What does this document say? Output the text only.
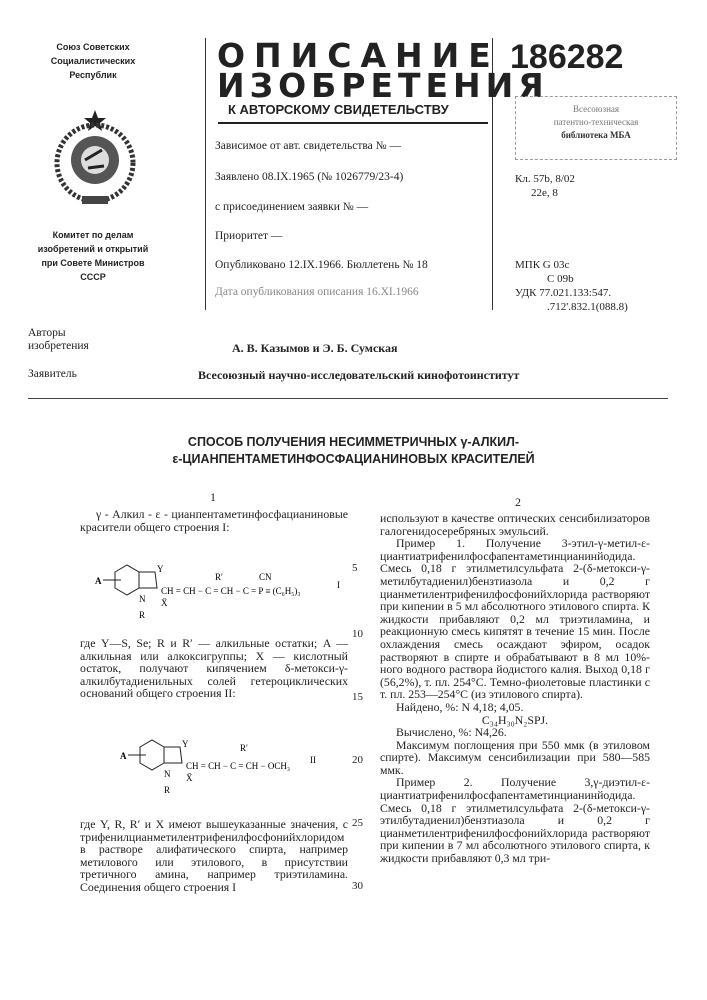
Союз Советских
Социалистических
Республик
Комитет по делам
изобретений и открытий
при Совете Министров
СССР
ОПИСАНИЕ
ИЗОБРЕТЕНИЯ
К АВТОРСКОМУ СВИДЕТЕЛЬСТВУ
186282
Всесоюзная
патентно-техническая
библиотека МБА
Зависимое от авт. свидетельства № —
Заявлено 08.IX.1965 (№ 1026779/23-4)
с присоединением заявки № —
Приоритет —
Опубликовано 12.IX.1966. Бюллетень № 18
Дата опубликования описания 16.XI.1966
Кл. 57b, 8/02
22e, 8
МПК G 03c
C 09b
УДК 77.021.133:547.
.712'.832.1(088.8)
Авторы
изобретения	А. В. Казымов и Э. Б. Сумская
Заявитель	Всесоюзный научно-исследовательский кинофотоинститут
СПОСОБ ПОЛУЧЕНИЯ НЕСИММЕТРИЧНЫХ γ-АЛКИЛ-
ε-ЦИАНПЕНТАМЕТИНФОСФАЦИАНИНОВЫХ КРАСИТЕЛЕЙ
1	2

γ - Алкил - ε - цианпентаметинфосфацианиновые красители общего строения I:

A
Y
N
R
X̄
CH = CH − C = CH − C = P ≡ (C₆H₅)₃
R′	CN
I

где Y—S, Se; R и R′ — алкильные остатки; A — алкильная или алкоксигруппы; X — кислотный остаток, получают кипячением δ-метокси-γ-алкилбутадиенильных солей гетероциклических оснований общего строения II:

A
Y
N
R
X̄
CH = CH − C = CH − OCH₃
R′
II

где Y, R, R′ и X имеют вышеуказанные значения, с трифенилцианметилентрифенилфосфонийхлоридом в растворе алифатического спирта, например метилового или этилового, в присутствии третичного амина, например триэтиламина. Соединения общего строения I

используют в качестве оптических сенсибилизаторов галогенидосеребряных эмульсий.

Пример 1. Получение 3-этил-γ-метил-ε-циантиатрифенилфосфапентаметинцианинйодида. Смесь 0,18 г этилметилсульфата 2-(δ-метокси-γ-метилбутадиенил)бензтиазола и 0,2 г цианметилентрифенилфосфонийхлорида растворяют при кипении в 5 мл абсолютного этилового спирта. К жидкости прибавляют 0,2 мл триэтиламина, и реакционную смесь кипятят в течение 15 мин. После охлаждения смесь осаждают эфиром, осадок растворяют в спирте и обрабатывают в 8 мл 10%-ного водного раствора йодистого калия. Выход 0,18 г (56,2%), т. пл. 254°C. Темно-фиолетовые пластинки с т. пл. 253—254°C (из этилового спирта).

Найдено, %: N 4,18; 4,05.

C₃₄H₃₀N₂SPJ.

Вычислено, %: N4,26.

Максимум поглощения при 550 ммк (в этиловом спирте). Максимум сенсибилизации при 580—585 ммк.

Пример 2. Получение 3,γ-диэтил-ε-циантиатрифенилфосфапентаметинцианинйодида. Смесь 0,18 г этилметилсульфата 2-(δ-метокси-γ-этилбутадиенил)бензтиазола и 0,2 г цианметилентрифенилфосфонийхлорида растворяют при кипении в 7 мл абсолютного этилового спирта, к жидкости прибавляют 0,3 мл три-

5
10
15
20
25
30
